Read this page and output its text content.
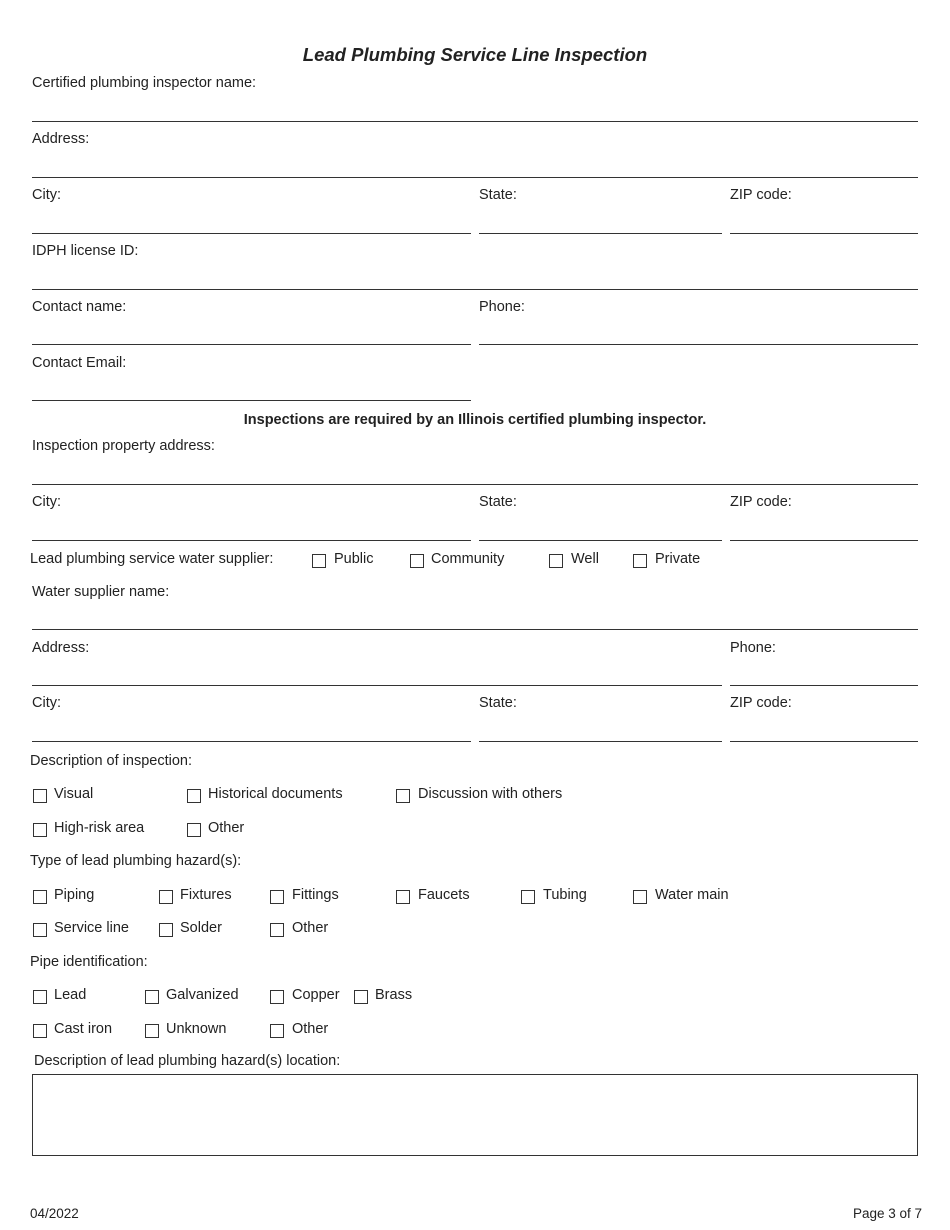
Lead Plumbing Service Line Inspection
Certified plumbing inspector name:
Address:
City:	State:	ZIP code:
IDPH license ID:
Contact name:	Phone:
Contact Email:
Inspections are required by an Illinois certified plumbing inspector.
Inspection property address:
City:	State:	ZIP code:
Lead plumbing service water supplier:	Public	Community	Well	Private
Water supplier name:
Address:	Phone:
City:	State:	ZIP code:
Description of inspection:
Visual	Historical documents	Discussion with others
High-risk area	Other
Type of lead plumbing hazard(s):
Piping	Fixtures	Fittings	Faucets	Tubing	Water main
Service line	Solder	Other
Pipe identification:
Lead	Galvanized	Copper Brass
Cast iron	Unknown	Other
Description of lead plumbing hazard(s) location:
04/2022	Page 3 of 7
